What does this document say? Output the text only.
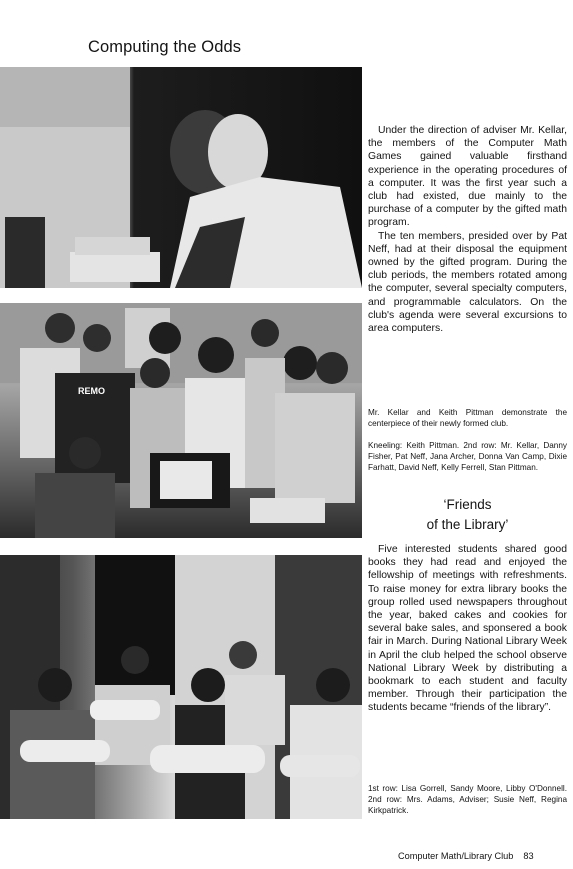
Computing the Odds
REMO

Under the direction of adviser Mr. Kellar, the members of the Computer Math Games gained valuable firsthand experience in the operating procedures of a computer. It was the first year such a club had existed, due mainly to the purchase of a computer by the gifted math program.

The ten members, presided over by Pat Neff, had at their disposal the equipment owned by the gifted program. During the club periods, the members rotated among the computer, several specialty computers, and programmable calculators. On the club's agenda were several excursions to area computers.

Mr. Kellar and Keith Pittman demonstrate the centerpiece of their newly formed club.

Kneeling: Keith Pittman. 2nd row: Mr. Kellar, Danny Fisher, Pat Neff, Jana Archer, Donna Van Camp, Dixie Farhatt, David Neff, Kelly Ferrell, Stan Pittman.

‘Friends
of the Library’

Five interested students shared good books they had read and enjoyed the fellowship of meetings with refreshments. To raise money for extra library books the group rolled used newspapers throughout the year, baked cakes and cookies for several bake sales, and sponsered a book fair in March. During National Library Week in April the club helped the school observe National Library Week by distributing a bookmark to each student and faculty member. Through their participation the students became “friends of the library”.

1st row: Lisa Gorrell, Sandy Moore, Libby O'Donnell. 2nd row: Mrs. Adams, Adviser; Susie Neff, Regina Kirkpatrick.

Computer Math/Library Club 83
